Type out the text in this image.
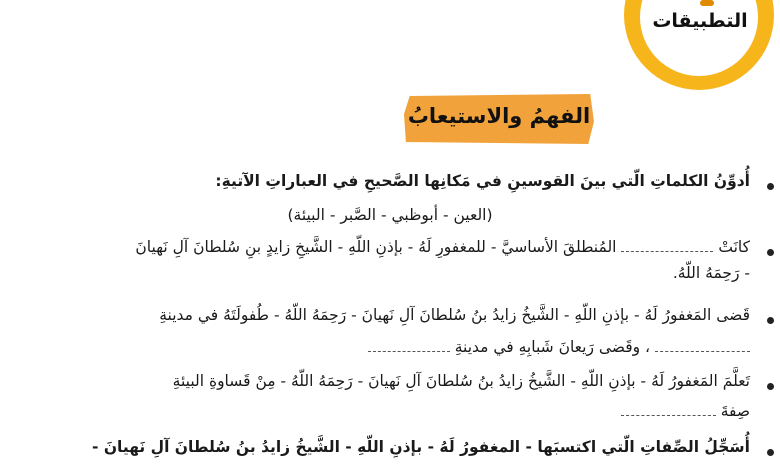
التطبيقات
الفهمُ والاستيعابُ
أُدوِّنُ الكلماتِ الّتي بينَ القوسينِ في مَكانِها الصَّحيحِ في العباراتِ الآتيةِ:
(العين - أبوظبي - الصَّبر - البيئة)
كانَتْ  المُنطلقَ الأساسيَّ - للمغفورِ لَهُ - بإذنِ اللّهِ - الشَّيخِ زايدٍ بنِ سُلطانَ آلِ نَهيانَ
- رَحِمَهُ اللّهُ.
قَضى المَغفورُ لَهُ - بإذنِ اللّهِ - الشَّيخُ زايدُ بنُ سُلطانَ آلِ نَهيانَ - رَحِمَهُ اللّهُ - طُفولَتَهُ في مدينةِ
، وقَضى رَيعانَ شَبابِهِ في مدينةِ
تَعلَّمَ المَغفورُ لَهُ - بإذنِ اللّهِ - الشَّيخُ زايدُ بنُ سُلطانَ آلِ نَهيانَ - رَحِمَهُ اللّهُ - مِنْ قَساوةِ البيئةِ
صِفةَ
أُسَجِّلُ الصِّفاتِ الّتي اكتسبَها - المغفورُ لَهُ - بإذنِ اللّهِ - الشَّيخُ زايدُ بنُ سُلطانَ آلِ نَهيانَ -
